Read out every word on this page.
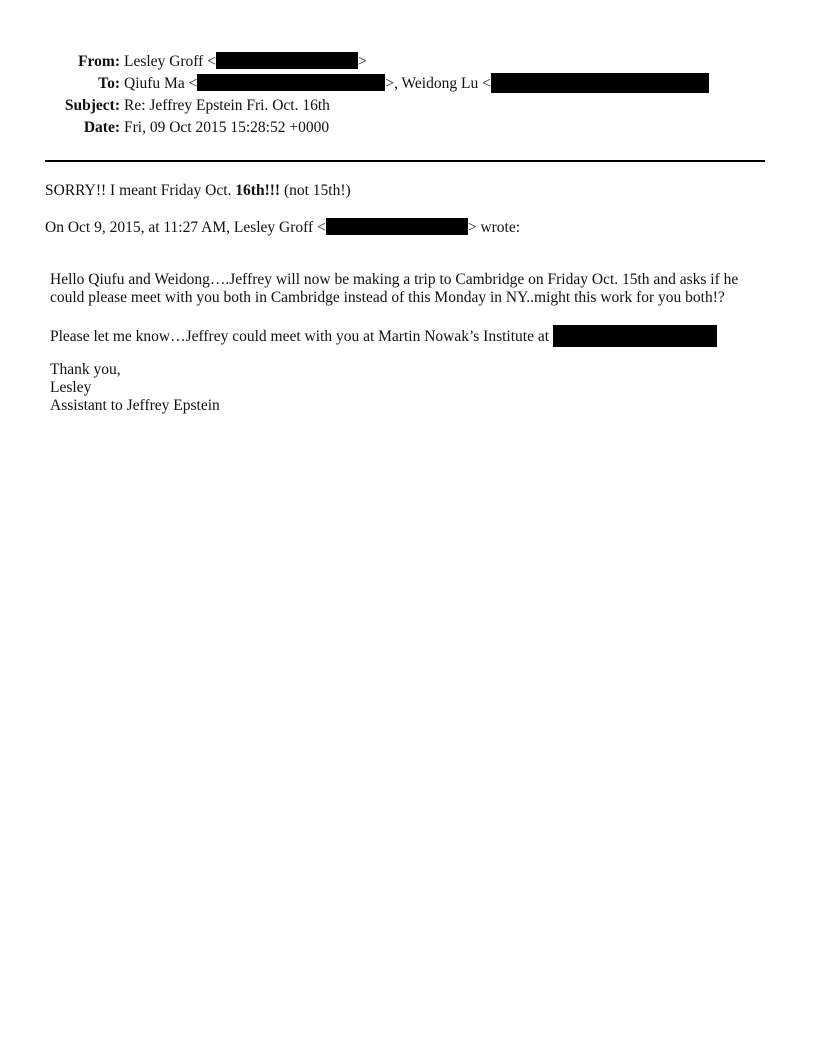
From: Lesley Groff <	>
To: Qiufu Ma <	>, Weidong Lu <
Subject: Re: Jeffrey Epstein Fri. Oct. 16th
Date: Fri, 09 Oct 2015 15:28:52 +0000
SORRY!! I meant Friday Oct. 16th!!! (not 15th!)
On Oct 9, 2015, at 11:27 AM, Lesley Groff <	> wrote:
Hello Qiufu and Weidong….Jeffrey will now be making a trip to Cambridge on Friday Oct. 15th and asks if he could please meet with you both in Cambridge instead of this Monday in NY..might this work for you both!?
Please let me know…Jeffrey could meet with you at Martin Nowak’s Institute at
Thank you,
Lesley
Assistant to Jeffrey Epstein
